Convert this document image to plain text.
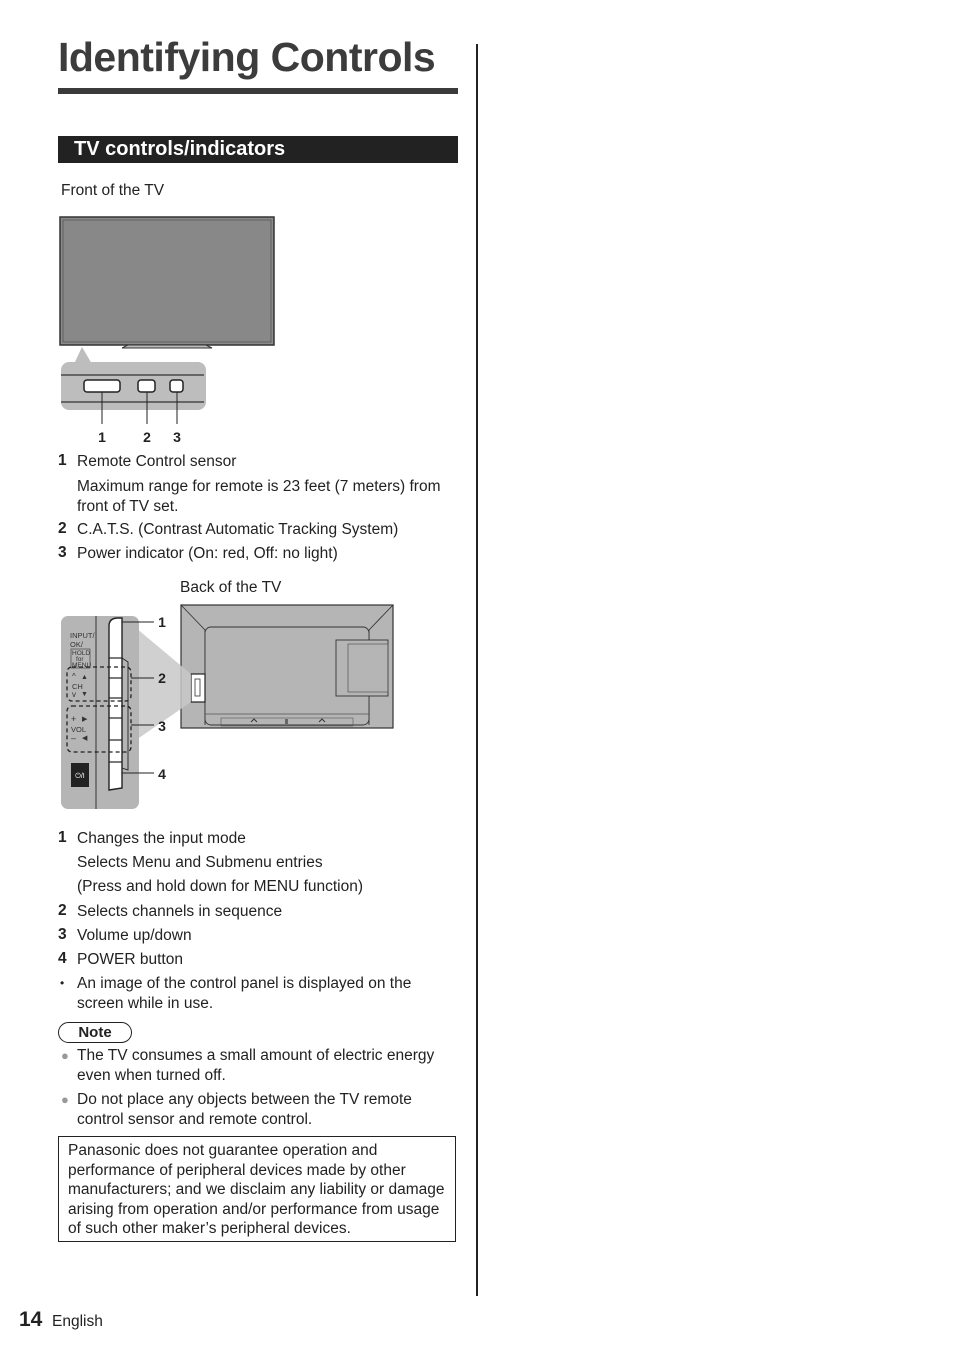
Identifying Controls
TV controls/indicators
Front of the TV
1	2 3
1 Remote Control sensor
Maximum range for remote is 23 feet (7 meters) from front of TV set.
2 C.A.T.S. (Contrast Automatic Tracking System)
3 Power indicator (On: red, Off: no light)
Back of the TV
INPUT/
OK/
HOLD
for
MENU
^ ▲
CH
v ▼
+ ▶
VOL
– ◀
⏻/I
1
2
3
4
1 Changes the input mode
Selects Menu and Submenu entries
(Press and hold down for MENU function)
2 Selects channels in sequence
3 Volume up/down
4 POWER button
• An image of the control panel is displayed on the screen while in use.
Note
● The TV consumes a small amount of electric energy even when turned off.
● Do not place any objects between the TV remote control sensor and remote control.
Panasonic does not guarantee operation and performance of peripheral devices made by other manufacturers; and we disclaim any liability or damage arising from operation and/or performance from usage of such other maker’s peripheral devices.
14 English
